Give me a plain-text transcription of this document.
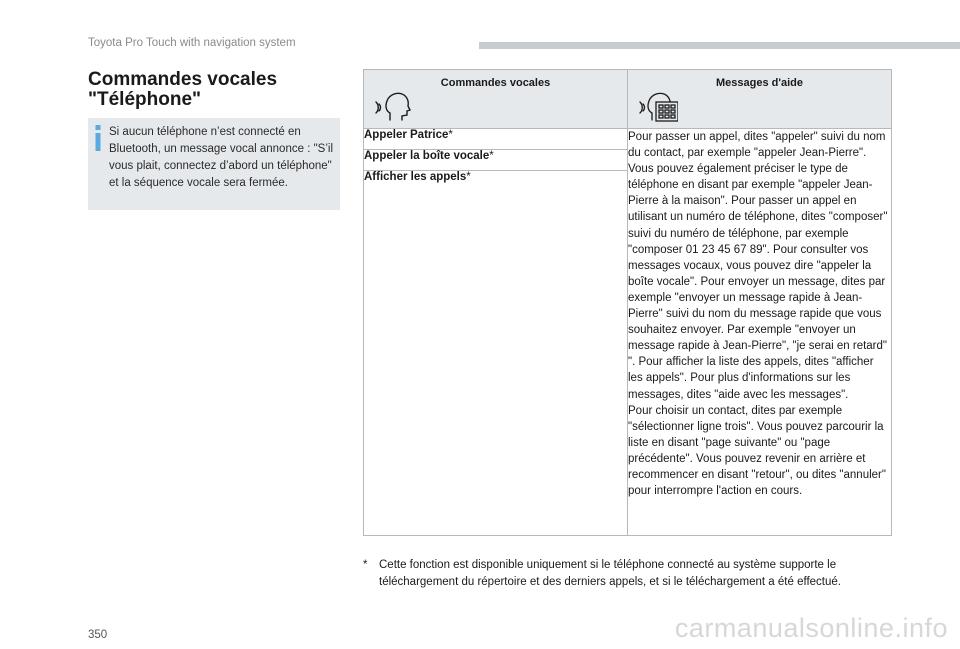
Toyota Pro Touch with navigation system
Commandes vocales "Téléphone"
Si aucun téléphone n’est connecté en Bluetooth, un message vocal annonce : "S’il vous plait, connectez d’abord un téléphone" et la séquence vocale sera fermée.
Commandes vocales	Messages d'aide

Appeler Patrice*	Pour passer un appel, dites "appeler" suivi du nom du contact, par exemple "appeler Jean-Pierre". Vous pouvez également préciser le type de téléphone en disant par exemple "appeler Jean-Pierre à la maison". Pour passer un appel en utilisant un numéro de téléphone, dites "composer" suivi du numéro de téléphone, par exemple "composer 01 23 45 67 89". Pour consulter vos messages vocaux, vous pouvez dire "appeler la boîte vocale". Pour envoyer un message, dites par exemple "envoyer un message rapide à Jean-Pierre" suivi du nom du message rapide que vous souhaitez envoyer. Par exemple "envoyer un message rapide à Jean-Pierre", "je serai en retard" ". Pour afficher la liste des appels, dites "afficher les appels". Pour plus d'informations sur les messages, dites "aide avec les messages".

Pour choisir un contact, dites par exemple "sélectionner ligne trois". Vous pouvez parcourir la liste en disant "page suivante" ou "page précédente". Vous pouvez revenir en arrière et recommencer en disant "retour", ou dites "annuler" pour interrompre l'action en cours.

Appeler la boîte vocale*	
Afficher les appels*	
* Cette fonction est disponible uniquement si le téléphone connecté au système supporte le téléchargement du répertoire et des derniers appels, et si le téléchargement a été effectué.
350	carmanualsonline.info
